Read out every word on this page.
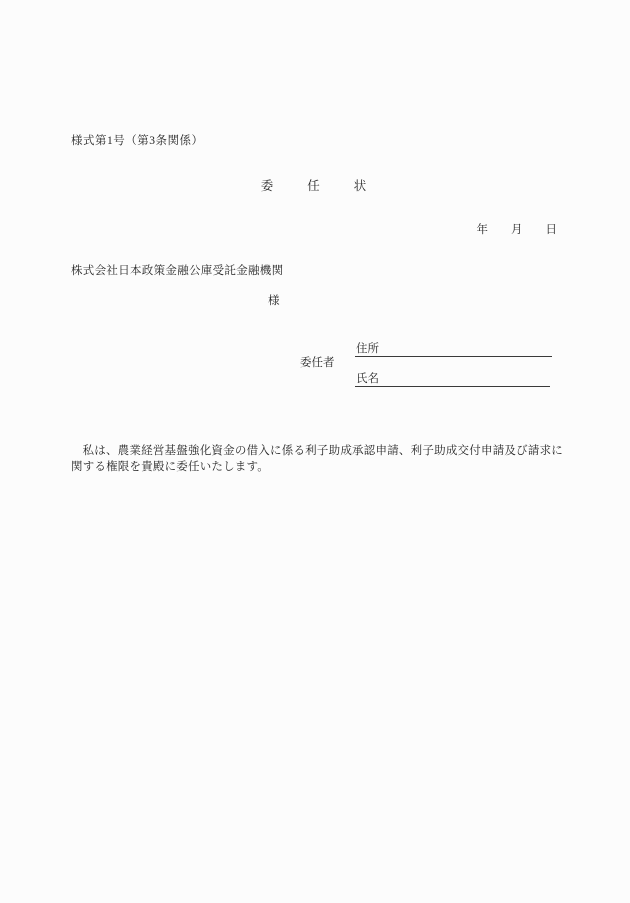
様式第1号（第3条関係）
委　　任　　状
年　　月　　日
株式会社日本政策金融公庫受託金融機関
様
委任者
住所
氏名
私は、農業経営基盤強化資金の借入に係る利子助成承認申請、利子助成交付申請及び請求に関する権限を貴殿に委任いたします。
